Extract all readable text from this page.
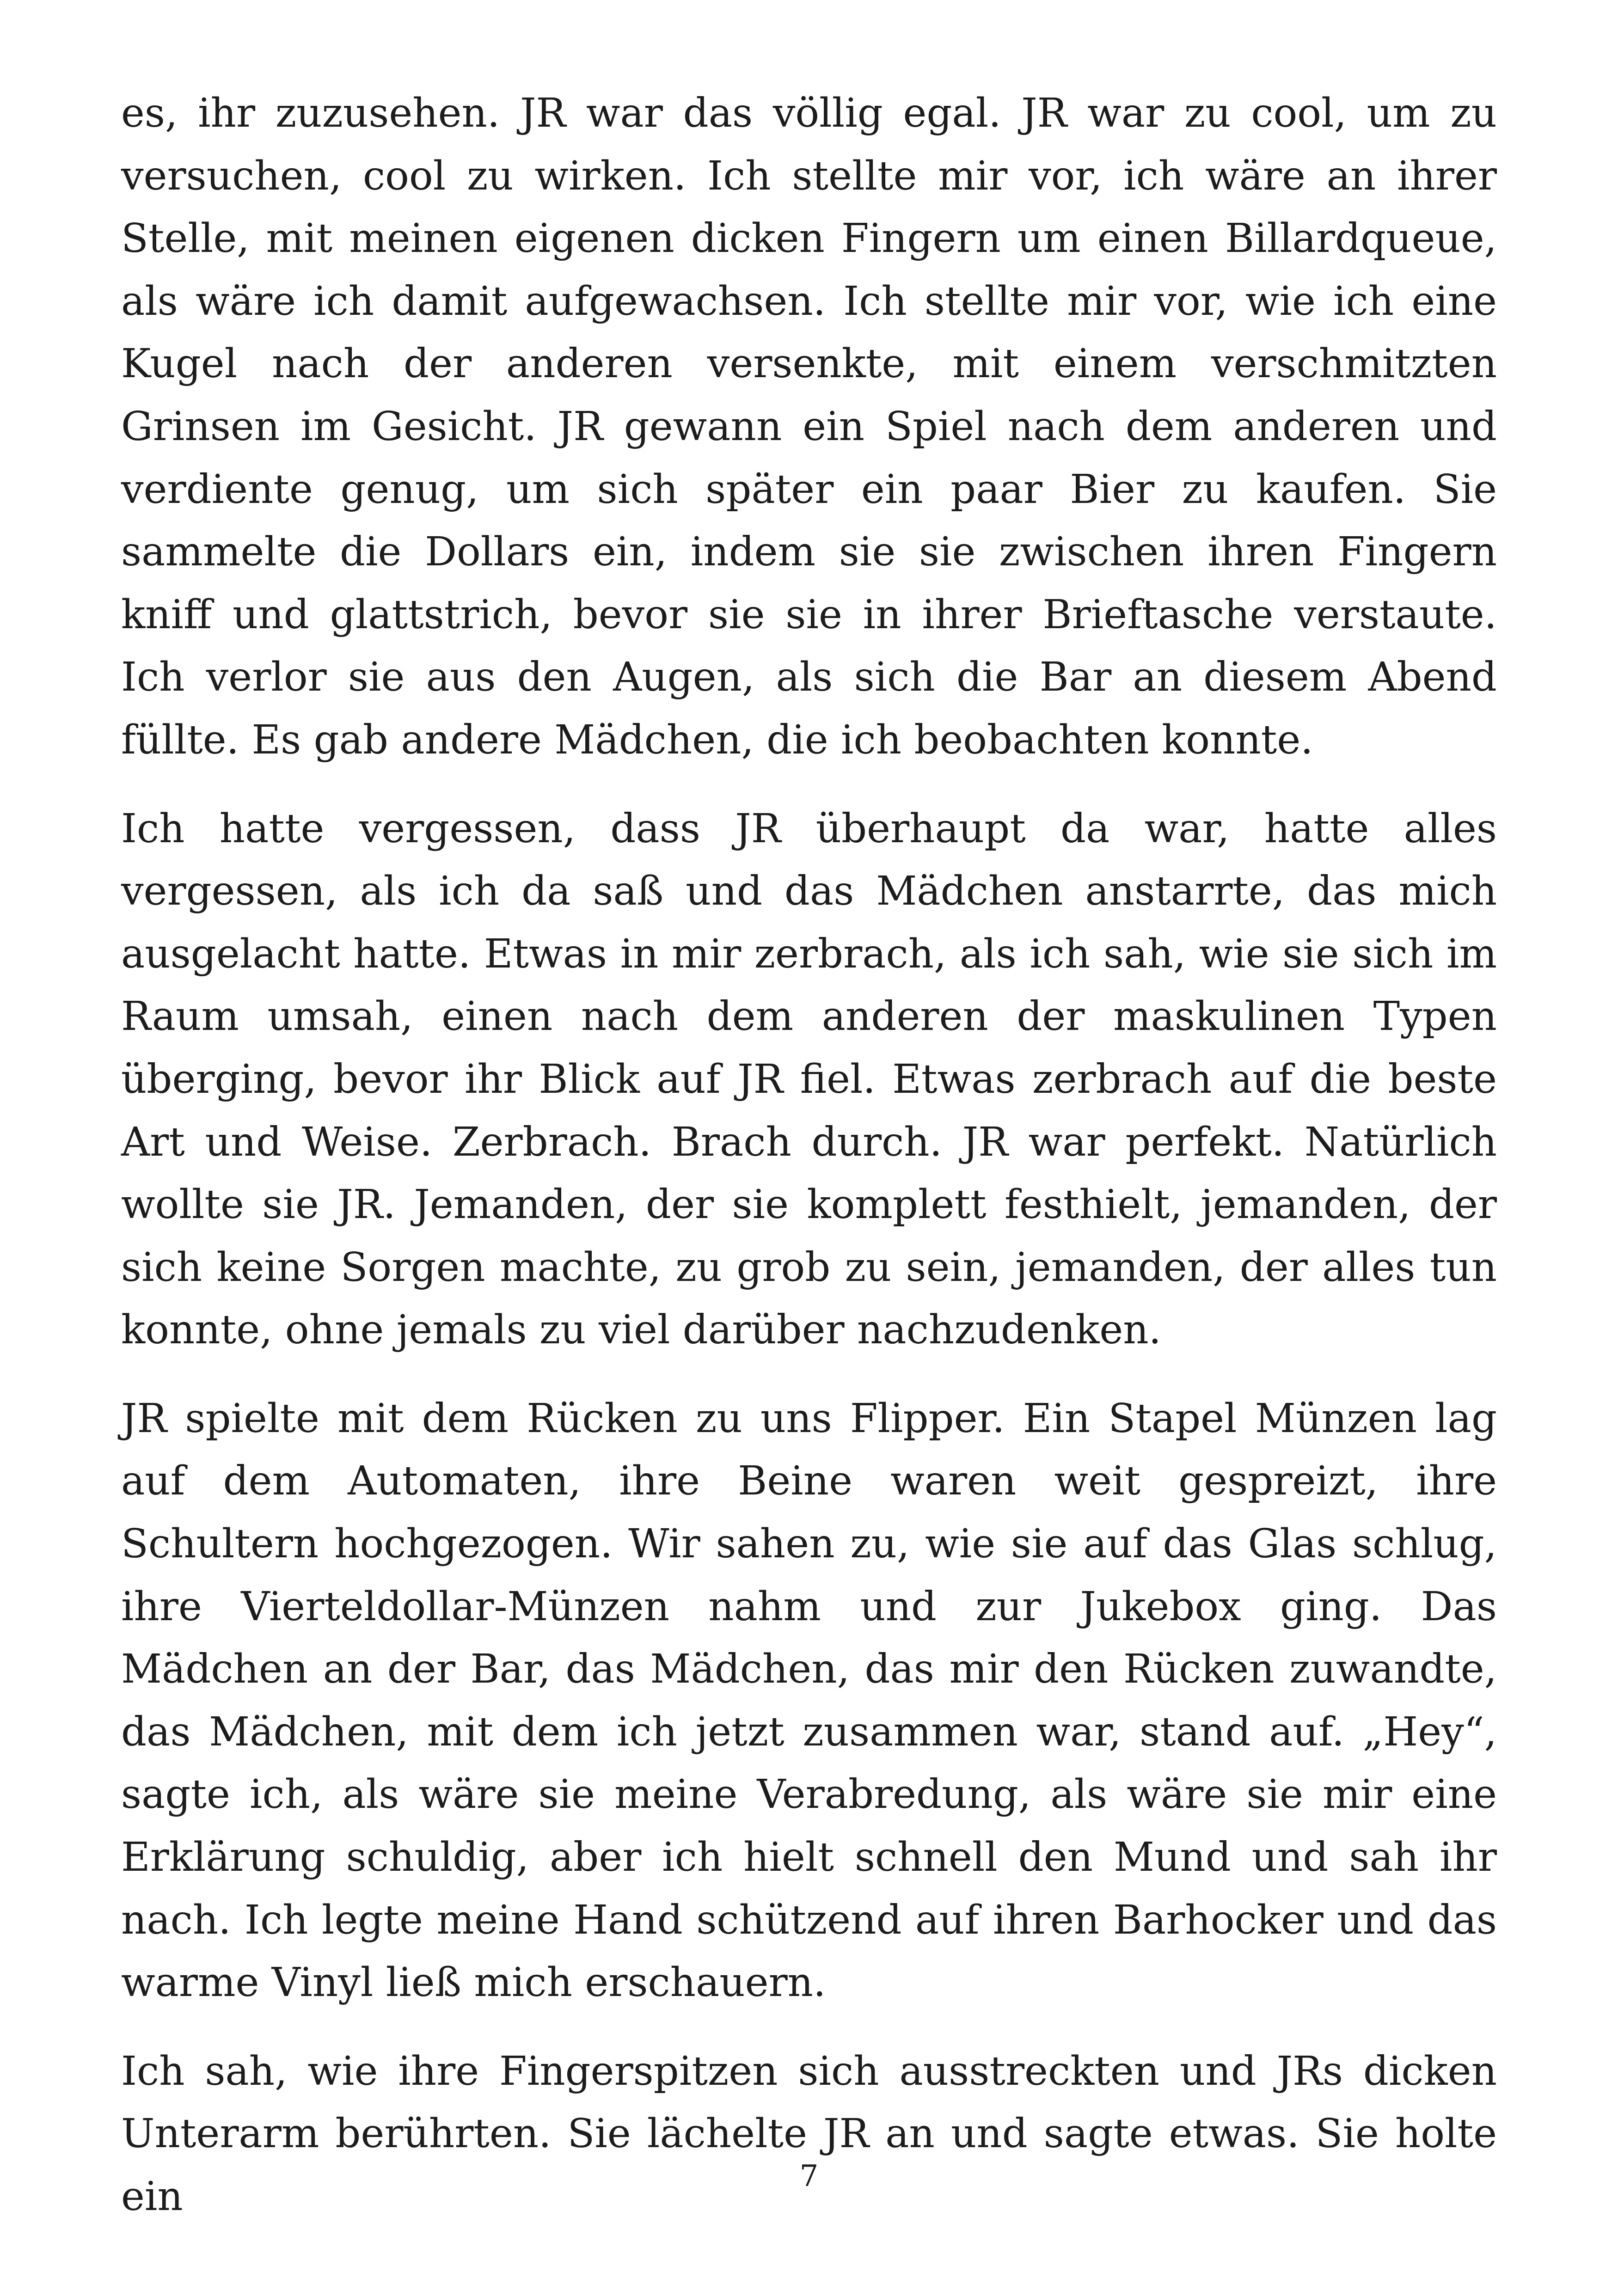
es, ihr zuzusehen. JR war das völlig egal. JR war zu cool, um zu versuchen, cool zu wirken. Ich stellte mir vor, ich wäre an ihrer Stelle, mit meinen eigenen dicken Fingern um einen Billardqueue, als wäre ich damit aufgewachsen. Ich stellte mir vor, wie ich eine Kugel nach der anderen versenkte, mit einem verschmitzten Grinsen im Gesicht. JR gewann ein Spiel nach dem anderen und verdiente genug, um sich später ein paar Bier zu kaufen. Sie sammelte die Dollars ein, indem sie sie zwischen ihren Fingern kniff und glattstrich, bevor sie sie in ihrer Brieftasche verstaute. Ich verlor sie aus den Augen, als sich die Bar an diesem Abend füllte. Es gab andere Mädchen, die ich beobachten konnte.

Ich hatte vergessen, dass JR überhaupt da war, hatte alles vergessen, als ich da saß und das Mädchen anstarrte, das mich ausgelacht hatte. Etwas in mir zerbrach, als ich sah, wie sie sich im Raum umsah, einen nach dem anderen der maskulinen Typen überging, bevor ihr Blick auf JR fiel. Etwas zerbrach auf die beste Art und Weise. Zerbrach. Brach durch. JR war perfekt. Natürlich wollte sie JR. Jemanden, der sie komplett festhielt, jemanden, der sich keine Sorgen machte, zu grob zu sein, jemanden, der alles tun konnte, ohne jemals zu viel darüber nachzudenken.

JR spielte mit dem Rücken zu uns Flipper. Ein Stapel Münzen lag auf dem Automaten, ihre Beine waren weit gespreizt, ihre Schultern hochgezogen. Wir sahen zu, wie sie auf das Glas schlug, ihre Vierteldollar-Münzen nahm und zur Jukebox ging. Das Mädchen an der Bar, das Mädchen, das mir den Rücken zuwandte, das Mädchen, mit dem ich jetzt zusammen war, stand auf. „Hey“, sagte ich, als wäre sie meine Verabredung, als wäre sie mir eine Erklärung schuldig, aber ich hielt schnell den Mund und sah ihr nach. Ich legte meine Hand schützend auf ihren Barhocker und das warme Vinyl ließ mich erschauern.

Ich sah, wie ihre Fingerspitzen sich ausstreckten und JRs dicken Unterarm berührten. Sie lächelte JR an und sagte etwas. Sie holte ein	7
